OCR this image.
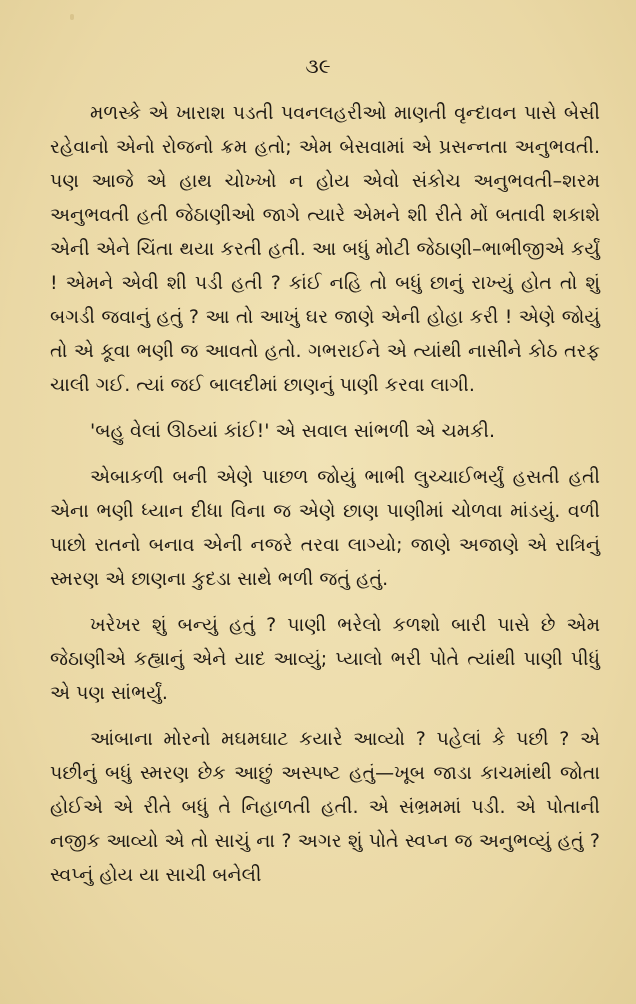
૩૯

મળસ્કે એ ખારાશ પડતી પવનલહરીઓ માણતી વૃન્દાવન પાસે બેસી રહેવાનો એનો રોજનો ક્રમ હતો; એમ બેસવામાં એ પ્રસન્નતા અનુભવતી. પણ આજે એ હાથ ચોખ્ખો ન હોય એવો સંકોચ અનુભવતી–શરમ અનુભવતી હતી જેઠાણીઓ જાગે ત્યારે એમને શી રીતે મોં બતાવી શકાશે એની એને ચિંતા થયા કરતી હતી. આ બધું મોટી જેઠાણી–ભાભીજીએ કર્યું ! એમને એવી શી પડી હતી ? કાંઈ નહિ તો બધું છાનું રાખ્યું હોત તો શું બગડી જવાનું હતું ? આ તો આખું ઘર જાણે એની હોહા કરી ! એણે જોયું તો એ કૂવા ભણી જ આવતો હતો. ગભરાઈને એ ત્યાંથી નાસીને કોઠ તરફ ચાલી ગઈ. ત્યાં જઈ બાલદીમાં છાણનું પાણી કરવા લાગી.

'બહુ વેલાં ઊઠયાં કાંઈ!' એ સવાલ સાંભળી એ ચમકી.

એબાકળી બની એણે પાછળ જોયું ભાભી લુચ્ચાઈભર્યું હસતી હતી એના ભણી ધ્યાન દીધા વિના જ એણે છાણ પાણીમાં ચોળવા માંડયું. વળી પાછો રાતનો બનાવ એની નજરે તરવા લાગ્યો; જાણે અજાણે એ રાત્રિનું સ્મરણ એ છાણના કુદડા સાથે ભળી જતું હતું.

ખરેખર શું બન્યું હતું ? પાણી ભરેલો કળશો બારી પાસે છે એમ જેઠાણીએ કહ્યાનું એને યાદ આવ્યું; પ્યાલો ભરી પોતે ત્યાંથી પાણી પીધું એ પણ સાંભર્યું.

આંબાના મોરનો મઘમઘાટ કયારે આવ્યો ? પહેલાં કે પછી ? એ પછીનું બધું સ્મરણ છેક આછું અસ્પષ્ટ હતું—ખૂબ જાડા કાચમાંથી જોતા હોઈએ એ રીતે બધું તે નિહાળતી હતી. એ સંભ્રમમાં પડી. એ પોતાની નજીક આવ્યો એ તો સાચું ના ? અગર શું પોતે સ્વપ્ન જ અનુભવ્યું હતું ? સ્વપ્નું હોય યા સાચી બનેલી
